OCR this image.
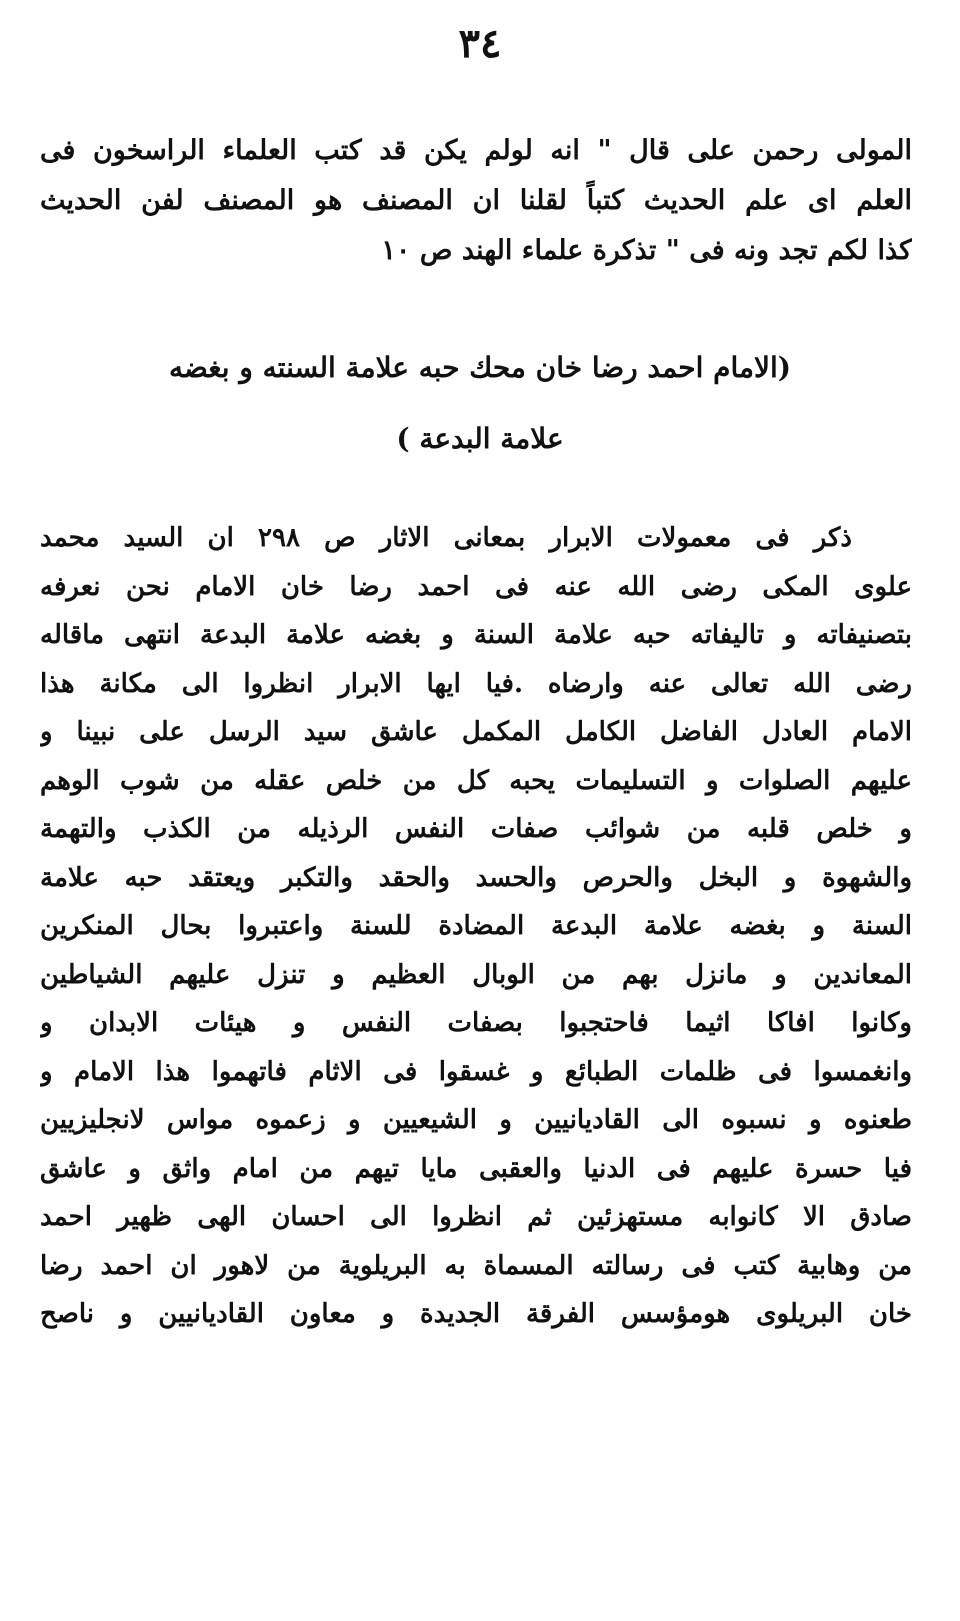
٣٤
المولى رحمن على قال " انه لولم يكن قد كتب العلماء الراسخون فى
العلم اى علم الحديث كتباً لقلنا ان المصنف هو المصنف لفن الحديث
كذا لكم تجد ونه فى " تذكرة علماء الهند ص ١٠
(الامام احمد رضا خان محك حبه علامة السنته و بغضه
علامة البدعة )
ذكر فى معمولات الابرار بمعانى الاثار ص ٢٩٨ ان السيد محمد
علوى المكى رضى الله عنه فى احمد رضا خان الامام نحن نعرفه
بتصنيفاته و تاليفاته حبه علامة السنة و بغضه علامة البدعة انتهى ماقاله
رضى الله تعالى عنه وارضاه .فيا ايها الابرار انظروا الى مكانة هذا
الامام العادل الفاضل الكامل المكمل عاشق سيد الرسل على نبينا و
عليهم الصلوات و التسليمات يحبه كل من خلص عقله من شوب الوهم
و خلص قلبه من شوائب صفات النفس الرذيله من الكذب والتهمة
والشهوة و البخل والحرص والحسد والحقد والتكبر ويعتقد حبه علامة
السنة و بغضه علامة البدعة المضادة للسنة واعتبروا بحال المنكرين
المعاندين و مانزل بهم من الوبال العظيم و تنزل عليهم الشياطين
وكانوا افاكا اثيما فاحتجبوا بصفات النفس و هيئات الابدان و
وانغمسوا فى ظلمات الطبائع و غسقوا فى الاثام فاتهموا هذا الامام و
طعنوه و نسبوه الى القاديانيين و الشيعيين و زعموه مواس لانجليزيين
فيا حسرة عليهم فى الدنيا والعقبى مايا تيهم من امام واثق و عاشق
صادق الا كانوابه مستهزئين ثم انظروا الى احسان الهى ظهير احمد
من وهابية كتب فى رسالته المسماة به البريلوية من لاهور ان احمد رضا
خان البريلوى هومؤسس الفرقة الجديدة و معاون القاديانيين و ناصح
